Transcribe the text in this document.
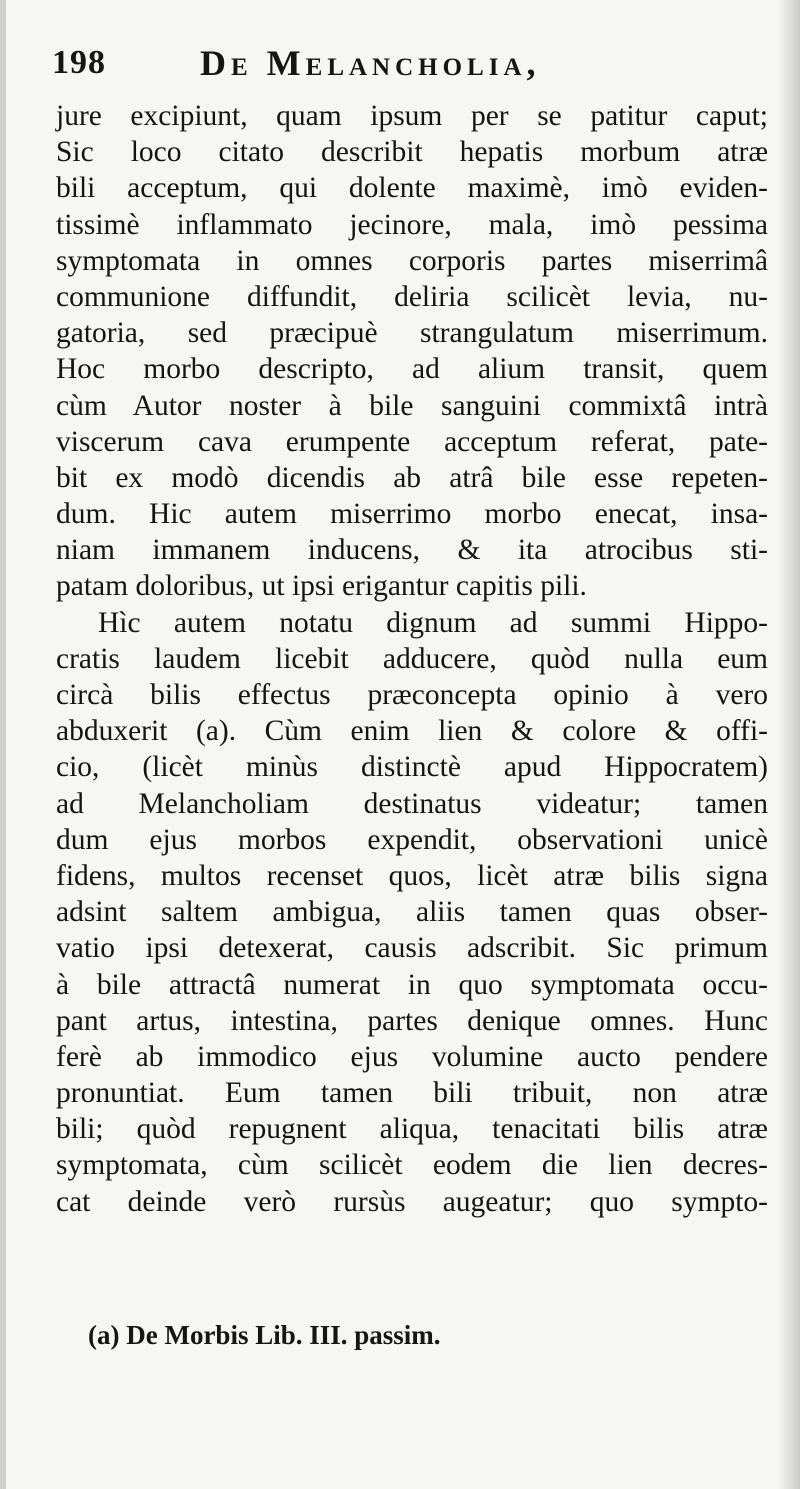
198	De Melancholia,
jure excipiunt, quam ipsum per se patitur caput;
Sic loco citato describit hepatis morbum atræ
bili acceptum, qui dolente maximè, imò eviden-
tissimè inflammato jecinore, mala, imò pessima
symptomata in omnes corporis partes miserrimâ
communione diffundit, deliria scilicèt levia, nu-
gatoria, sed præcipuè strangulatum miserrimum.
Hoc morbo descripto, ad alium transit, quem
cùm Autor noster à bile sanguini commixtâ intrà
viscerum cava erumpente acceptum referat, pate-
bit ex modò dicendis ab atrâ bile esse repeten-
dum. Hic autem miserrimo morbo enecat, insa-
niam immanem inducens, & ita atrocibus sti-
patam doloribus, ut ipsi erigantur capitis pili.
Hìc autem notatu dignum ad summi Hippo-
cratis laudem licebit adducere, quòd nulla eum
circà bilis effectus præconcepta opinio à vero
abduxerit (a). Cùm enim lien & colore & offi-
cio, (licèt minùs distinctè apud Hippocratem)
ad Melancholiam destinatus videatur; tamen
dum ejus morbos expendit, observationi unicè
fidens, multos recenset quos, licèt atræ bilis signa
adsint saltem ambigua, aliis tamen quas obser-
vatio ipsi detexerat, causis adscribit. Sic primum
à bile attractâ numerat in quo symptomata occu-
pant artus, intestina, partes denique omnes. Hunc
ferè ab immodico ejus volumine aucto pendere
pronuntiat. Eum tamen bili tribuit, non atræ
bili; quòd repugnent aliqua, tenacitati bilis atræ
symptomata, cùm scilicèt eodem die lien decres-
cat deinde verò rursùs augeatur; quo sympto-
(a) De Morbis Lib. III. passim.
